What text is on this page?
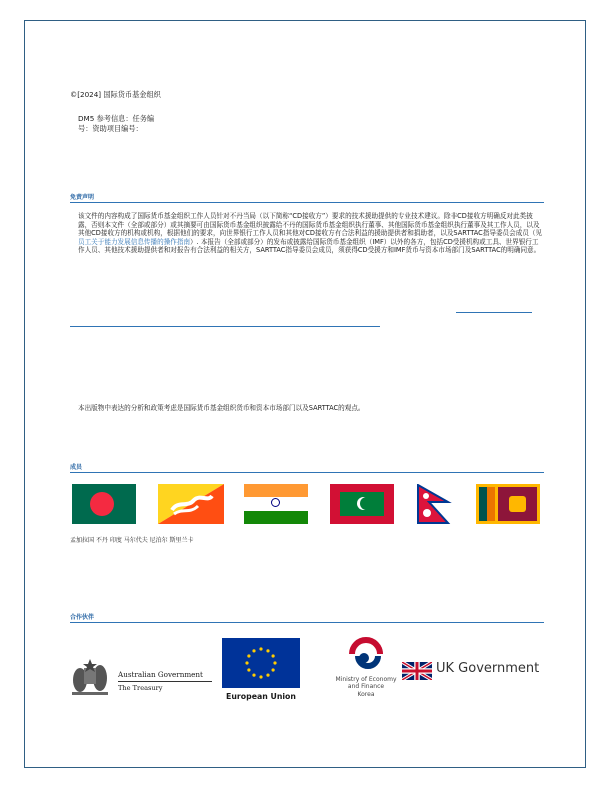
©[2024] 国际货币基金组织
DM5 参考信息：任务编号：资助项目编号：
免责声明
该文件的内容构成了国际货币基金组织工作人员针对不丹当局（以下简称“CD接收方”）要求的技术援助提供的专业技术建议。除非CD接收方明确反对此类披露，否则本文件（全部或部分）或其摘要可由国际货币基金组织披露给不丹的国际货币基金组织执行董事、其他国际货币基金组织执行董事及其工作人员，以及其他CD接收方的机构或机构，根据他们的要求，向世界银行工作人员和其他对CD接收方有合法利益的援助提供者和捐助者，以及SARTTAC指导委员会成员（见 员工关于能力发展信息传播的操作指南）. 本报告（全部或部分）的发布或披露给国际货币基金组织（IMF）以外的各方，包括CD受援机构或工具、世界银行工作人员、其他技术援助提供者和对报告有合法利益的相关方，SARTTAC指导委员会成员，须获得CD受援方和IMF货币与资本市场部门及SARTTAC的明确同意。
本出版物中表达的分析和政策考虑是国际货币基金组织货币和资本市场部门以及SARTTAC的观点。
成员
孟加拉国 不丹 印度 马尔代夫 尼泊尔 斯里兰卡
合作伙伴
Australian Government
The Treasury
European Union
Ministry of Economy
and Finance
Korea
UK Government
